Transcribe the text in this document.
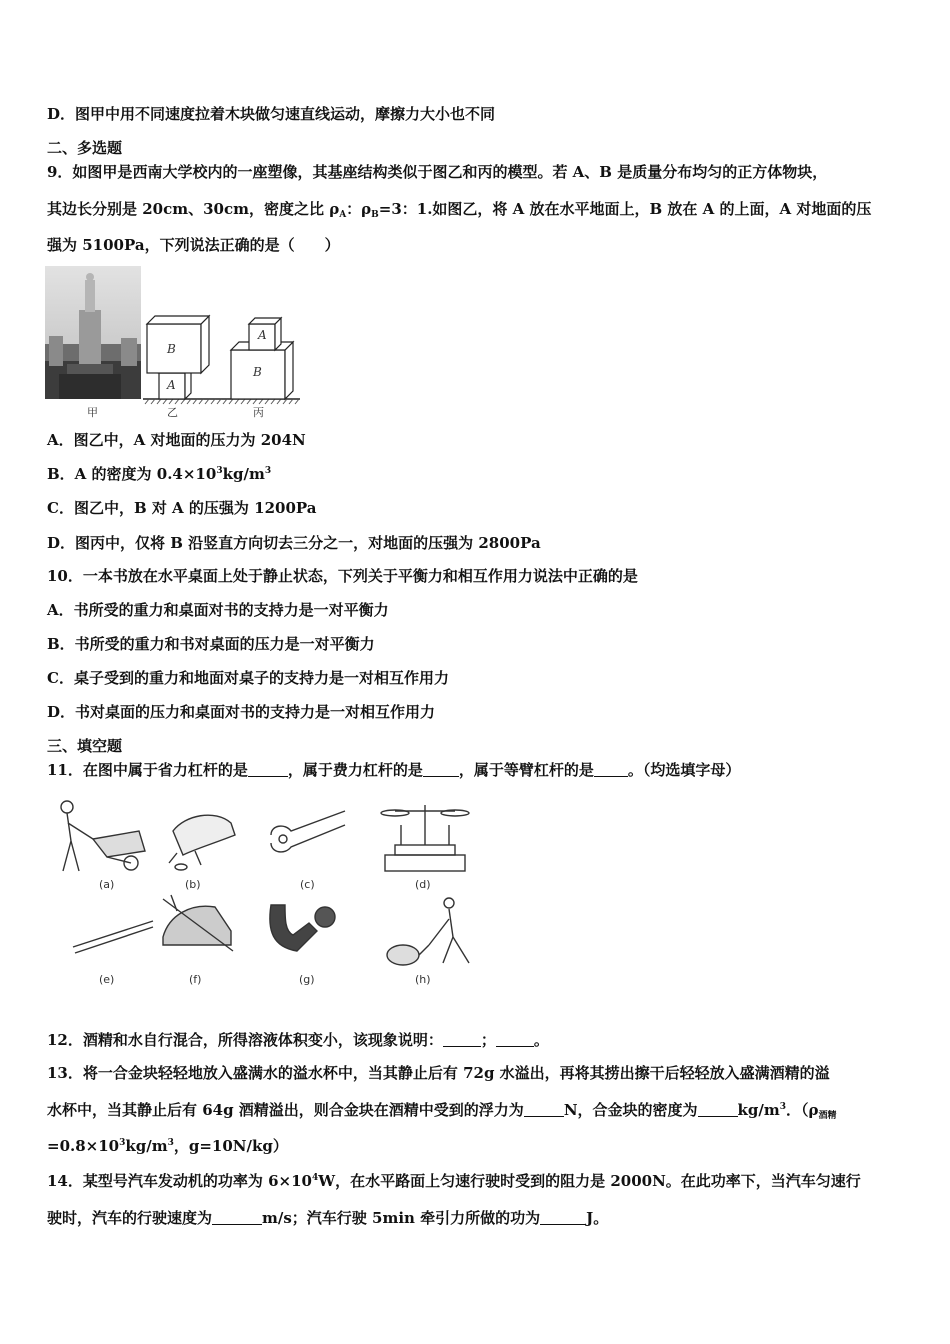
D．图甲中用不同速度拉着木块做匀速直线运动，摩擦力大小也不同
二、多选题
9．如图甲是西南大学校内的一座塑像，其基座结构类似于图乙和丙的模型。若 A、B 是质量分布均匀的正方体物块，
其边长分别是 20cm、30cm，密度之比 $\rho_A$：$\rho_B=3$：1.如图乙，将 A 放在水平地面上，B 放在 A 的上面，A 对地面的压
强为 5100Pa，下列说法正确的是（　　）
B
A
A
B
甲	乙	丙
A．图乙中，A 对地面的压力为 204N
B．A 的密度为 $0.4\times 10^3kg/m^3$
C．图乙中，B 对 A 的压强为 1200Pa
D．图丙中，仅将 B 沿竖直方向切去三分之一，对地面的压强为 2800Pa
10．一本书放在水平桌面上处于静止状态，下列关于平衡力和相互作用力说法中正确的是
A．书所受的重力和桌面对书的支持力是一对平衡力
B．书所受的重力和书对桌面的压力是一对平衡力
C．桌子受到的重力和地面对桌子的支持力是一对相互作用力
D．书对桌面的压力和桌面对书的支持力是一对相互作用力
三、填空题
11．在图中属于省力杠杆的是	，属于费力杠杆的是 ，属于等臂杠杆的是 。（均选填字母）
(a)	(b)	(c)	(d)
(e)	(f)	(g)	(h)
12．酒精和水自行混合，所得溶液体积变小，该现象说明：	；	。
13．将一合金块轻轻地放入盛满水的溢水杯中，当其静止后有 72g 水溢出，再将其捞出擦干后轻轻放入盛满酒精的溢
水杯中，当其静止后有 64g 酒精溢出，则合金块在酒精中受到的浮力为	N，合金块的密度为	$kg/m^3$．（$\rho_{酒精}$
$=0.8\times 10^3kg/m^3$，g=10N/kg）
14．某型号汽车发动机的功率为 $6\times 10^4W$，在水平路面上匀速行驶时受到的阻力是 2000N。在此功率下，当汽车匀速行
驶时，汽车的行驶速度为	m/s；汽车行驶 5min 牵引力所做的功为	J。
